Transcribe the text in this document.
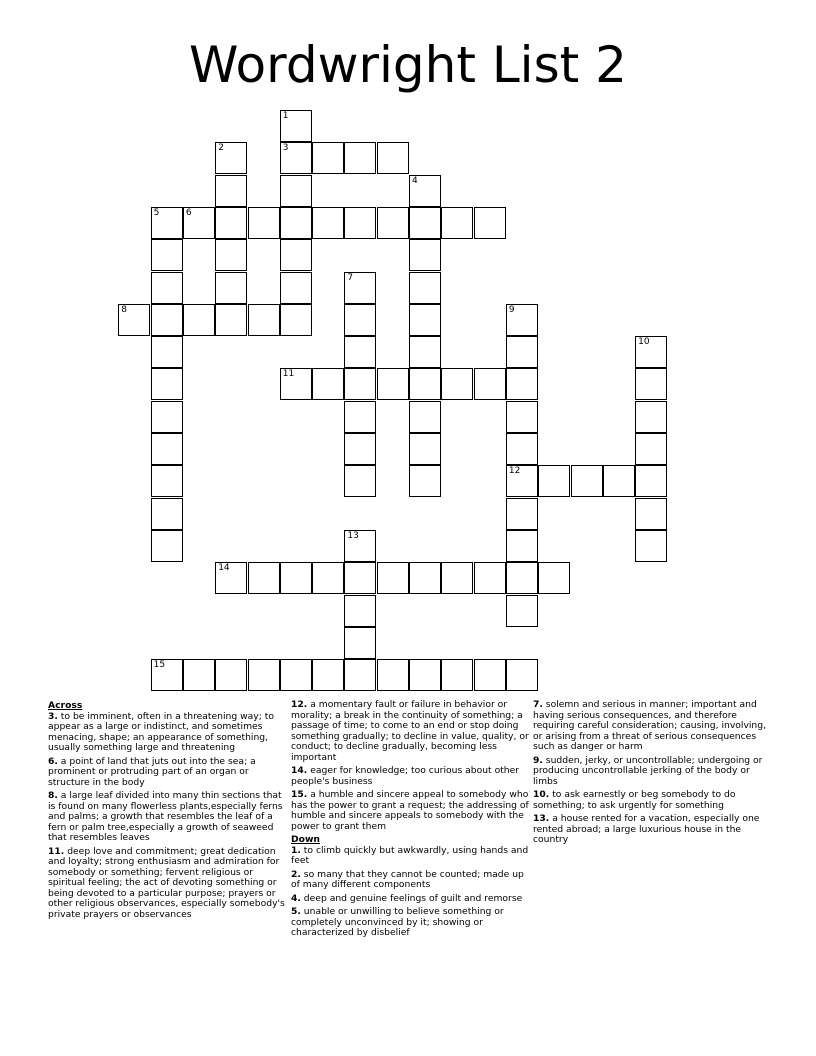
Wordwright List 2
1
3
2
4
5	6
7
8	9
12
10
11
13
14
15
Across
3. to be imminent, often in a threatening way; to appear as a large or indistinct, and sometimes menacing, shape; an appearance of something, usually something large and threatening
6. a point of land that juts out into the sea; a prominent or protruding part of an organ or structure in the body
8. a large leaf divided into many thin sections that is found on many flowerless plants,especially ferns and palms; a growth that resembles the leaf of a fern or palm tree,especially a growth of seaweed that resembles leaves
11. deep love and commitment; great dedication and loyalty; strong enthusiasm and admiration for somebody or something; fervent religious or spiritual feeling; the act of devoting something or being devoted to a particular purpose; prayers or other religious observances, especially somebody's private prayers or observances
12. a momentary fault or failure in behavior or morality; a break in the continuity of something; a passage of time; to come to an end or stop doing something gradually; to decline in value, quality, or conduct; to decline gradually, becoming less important
14. eager for knowledge; too curious about other people's business
15. a humble and sincere appeal to somebody who has the power to grant a request; the addressing of humble and sincere appeals to somebody with the power to grant them
Down
1. to climb quickly but awkwardly, using hands and feet
2. so many that they cannot be counted; made up of many different components
4. deep and genuine feelings of guilt and remorse
5. unable or unwilling to believe something or completely unconvinced by it; showing or characterized by disbelief
7. solemn and serious in manner; important and having serious consequences, and therefore requiring careful consideration; causing, involving, or arising from a threat of serious consequences such as danger or harm
9. sudden, jerky, or uncontrollable; undergoing or producing uncontrollable jerking of the body or limbs
10. to ask earnestly or beg somebody to do something; to ask urgently for something
13. a house rented for a vacation, especially one rented abroad; a large luxurious house in the country
